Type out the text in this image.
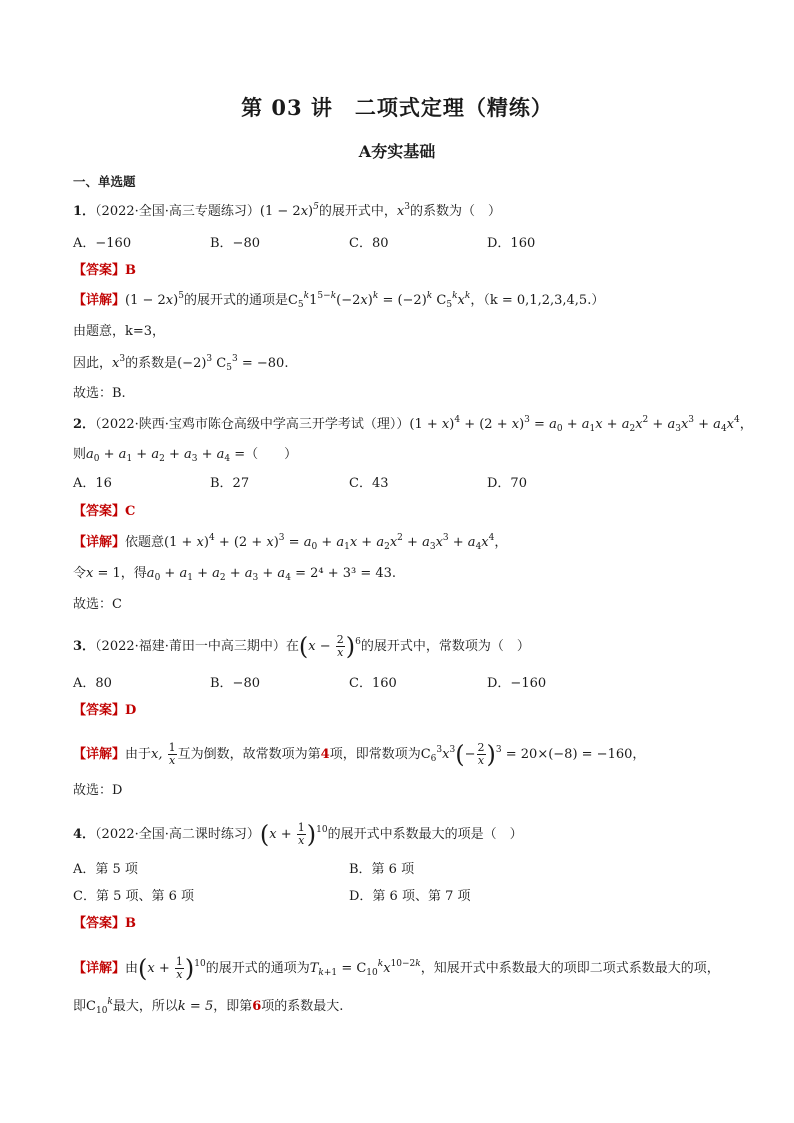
第 03 讲　二项式定理（精练）
A夯实基础
一、单选题
1．（2022·全国·高三专题练习）$(1 - 2x)^5$的展开式中，$x^3$的系数为（　）
A．−160	B．−80	C．80	D．160
【答案】B
【详解】$(1 - 2x)^5$的展开式的通项是$C_5^k1^{5-k}(-2x)^k = (-2)^k$ $C_5^kx^k$，（k = 0,1,2,3,4,5.）
由题意，k=3，
因此，$x^3$的系数是$(-2)^3$ $C_5^3 = -80$.
故选：B.
2．（2022·陕西·宝鸡市陈仓高级中学高三开学考试（理））$(1 + x)^4 + (2 + x)^3 = a_0 + a_1x + a_2x^2 + a_3x^3 + a_4x^4$，
则$a_0 + a_1 + a_2 + a_3 + a_4$ =（　　）
A．16	B．27	C．43	D．70
【答案】C
【详解】依题意$(1 + x)^4 + (2 + x)^3 = a_0 + a_1x + a_2x^2 + a_3x^3 + a_4x^4$，
令x = 1，得$a_0 + a_1 + a_2 + a_3 + a_4 = 2^4 + 3^3 = 43$.
故选：C
3．（2022·福建·莆田一中高三期中）在$(x - \frac{2}{x} )^6$的展开式中，常数项为（　）
A．80	B．−80	C．160	D．−160
【答案】D
【详解】由于x, $\frac{1}{x}$ 互为倒数，故常数项为第4项，即常数项为$C_6^3x^3(- \frac{2}{x} )^3 = 20\times(-8) = -160$，
故选：D
4．（2022·全国·高二课时练习）$(x + \frac{1}{x} )^{10}$的展开式中系数最大的项是（　）
A．第 5 项	B．第 6 项
C．第 5 项、第 6 项	D．第 6 项、第 7 项
【答案】B
【详解】由$(x + \frac{1}{x} )^{10}$的展开式的通项为$T_{k+1} = C_{10}^kx^{10-2k}$，知展开式中系数最大的项即二项式系数最大的项，
即$C_{10}^k$最大，所以k = 5，即第6项的系数最大.
